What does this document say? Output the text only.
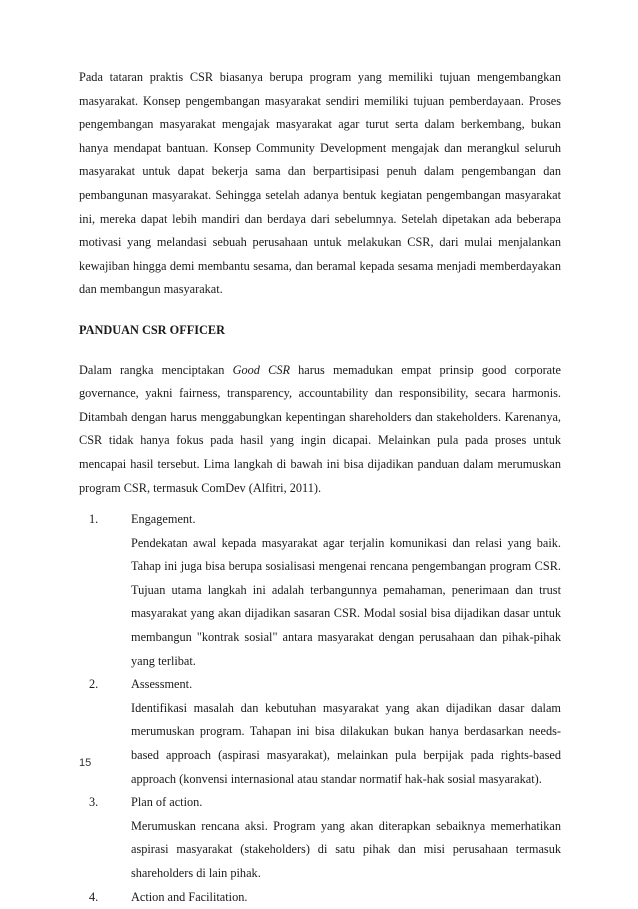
Pada tataran praktis CSR biasanya berupa program yang memiliki tujuan mengembangkan masyarakat. Konsep pengembangan masyarakat sendiri memiliki tujuan pemberdayaan. Proses pengembangan masyarakat mengajak masyarakat agar turut serta dalam berkembang, bukan hanya mendapat bantuan. Konsep Community Development mengajak dan merangkul seluruh masyarakat untuk dapat bekerja sama dan berpartisipasi penuh dalam pengembangan dan pembangunan masyarakat. Sehingga setelah adanya bentuk kegiatan pengembangan masyarakat ini, mereka dapat lebih mandiri dan berdaya dari sebelumnya. Setelah dipetakan ada beberapa motivasi yang melandasi sebuah perusahaan untuk melakukan CSR, dari mulai menjalankan kewajiban hingga demi membantu sesama, dan beramal kepada sesama menjadi memberdayakan dan membangun masyarakat.

PANDUAN CSR OFFICER

Dalam rangka menciptakan Good CSR harus memadukan empat prinsip good corporate governance, yakni fairness, transparency, accountability dan responsibility, secara harmonis. Ditambah dengan harus menggabungkan kepentingan shareholders dan stakeholders. Karenanya, CSR tidak hanya fokus pada hasil yang ingin dicapai. Melainkan pula pada proses untuk mencapai hasil tersebut. Lima langkah di bawah ini bisa dijadikan panduan dalam merumuskan program CSR, termasuk ComDev (Alfitri, 2011).

1.	Engagement.

Pendekatan awal kepada masyarakat agar terjalin komunikasi dan relasi yang baik. Tahap ini juga bisa berupa sosialisasi mengenai rencana pengembangan program CSR. Tujuan utama langkah ini adalah terbangunnya pemahaman, penerimaan dan trust masyarakat yang akan dijadikan sasaran CSR. Modal sosial bisa dijadikan dasar untuk membangun "kontrak sosial" antara masyarakat dengan perusahaan dan pihak-pihak yang terlibat.

2.	Assessment.

Identifikasi masalah dan kebutuhan masyarakat yang akan dijadikan dasar dalam merumuskan program. Tahapan ini bisa dilakukan bukan hanya berdasarkan needs-based approach (aspirasi masyarakat), melainkan pula berpijak pada rights-based approach (konvensi internasional atau standar normatif hak-hak sosial masyarakat).

3.	Plan of action.

Merumuskan rencana aksi. Program yang akan diterapkan sebaiknya memerhatikan aspirasi masyarakat (stakeholders) di satu pihak dan misi perusahaan termasuk shareholders di lain pihak.

4.	Action and Facilitation.

15
